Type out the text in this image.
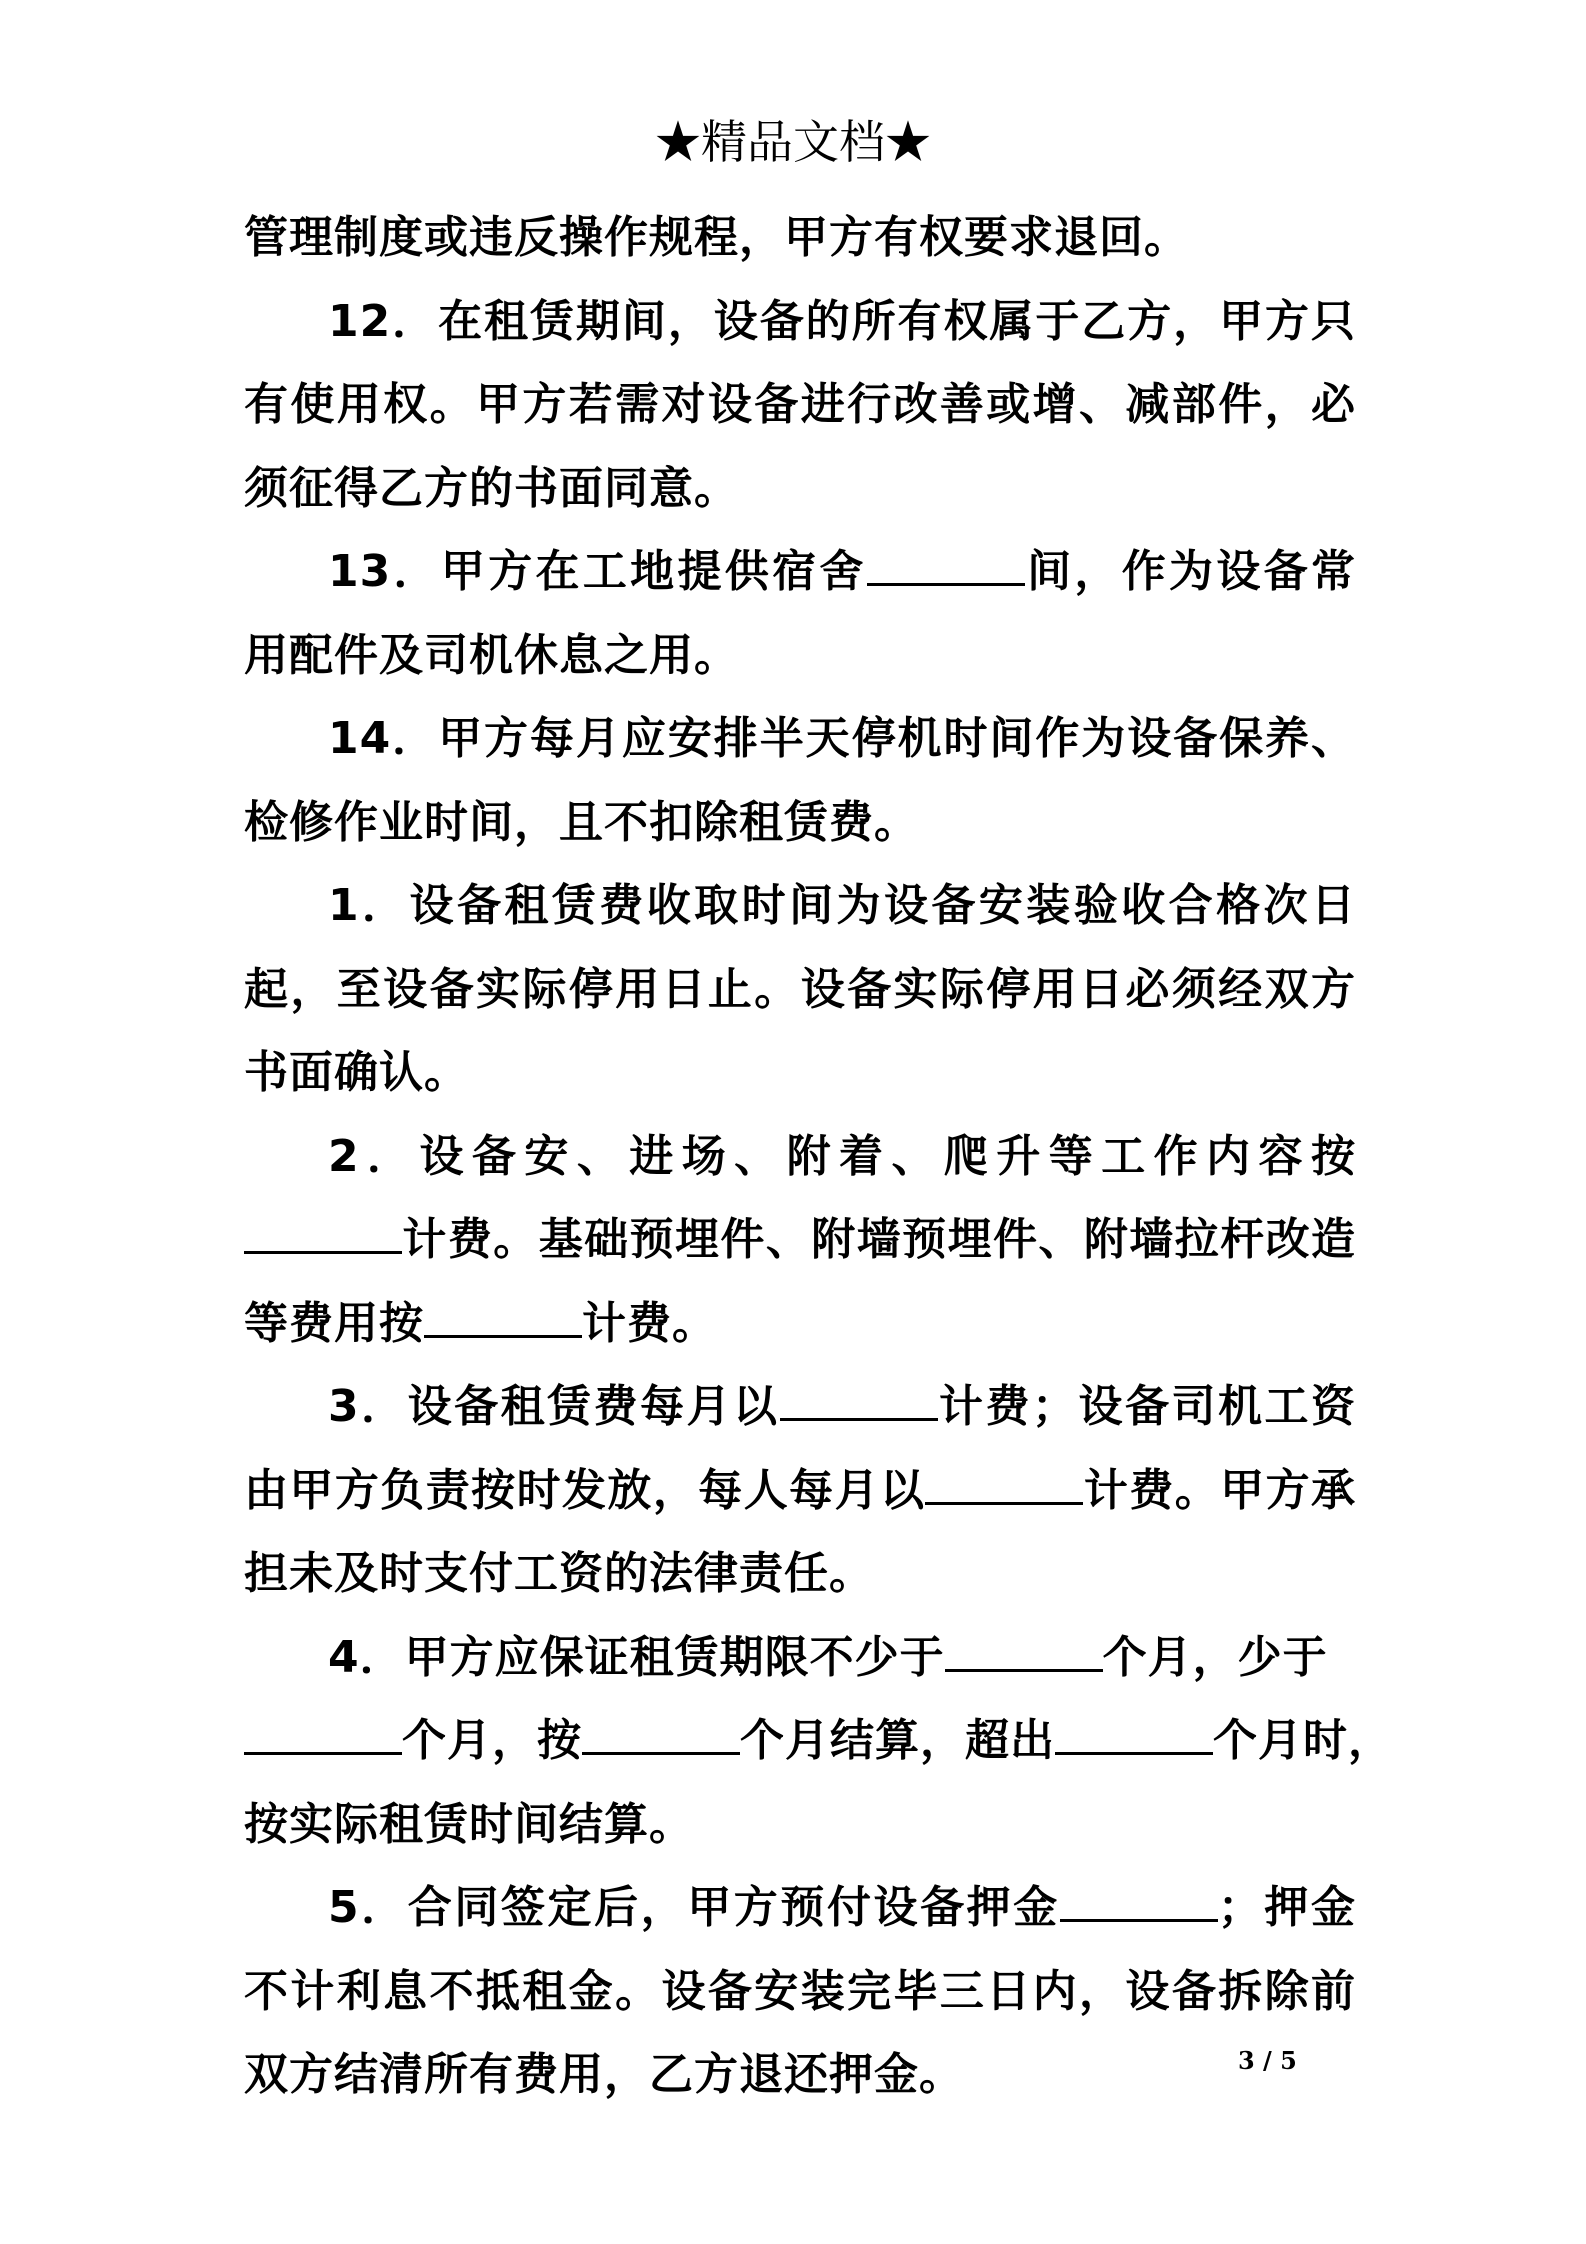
★精品文档★

管理制度或违反操作规程，甲方有权要求退回。

12．在租赁期间，设备的所有权属于乙方，甲方只有使用权。甲方若需对设备进行改善或增、减部件，必须征得乙方的书面同意。

13．甲方在工地提供宿舍	间，作为设备常用配件及司机休息之用。

14．甲方每月应安排半天停机时间作为设备保养、检修作业时间，且不扣除租赁费。

1．设备租赁费收取时间为设备安装验收合格次日起，至设备实际停用日止。设备实际停用日必须经双方书面确认。

2．设备安、进场、附着、爬升等工作内容按计费。基础预埋件、附墙预埋件、附墙拉杆改造等费用按	计费。

3．设备租赁费每月以	计费；设备司机工资由甲方负责按时发放，每人每月以	计费。甲方承担未及时支付工资的法律责任。

4．甲方应保证租赁期限不少于	个月，少于

个月，按	个月结算，超出	个月时，

按实际租赁时间结算。

5．合同签定后，甲方预付设备押金	；押金不计利息不抵租金。设备安装完毕三日内，设备拆除前双方结清所有费用，乙方退还押金。	3 / 5
